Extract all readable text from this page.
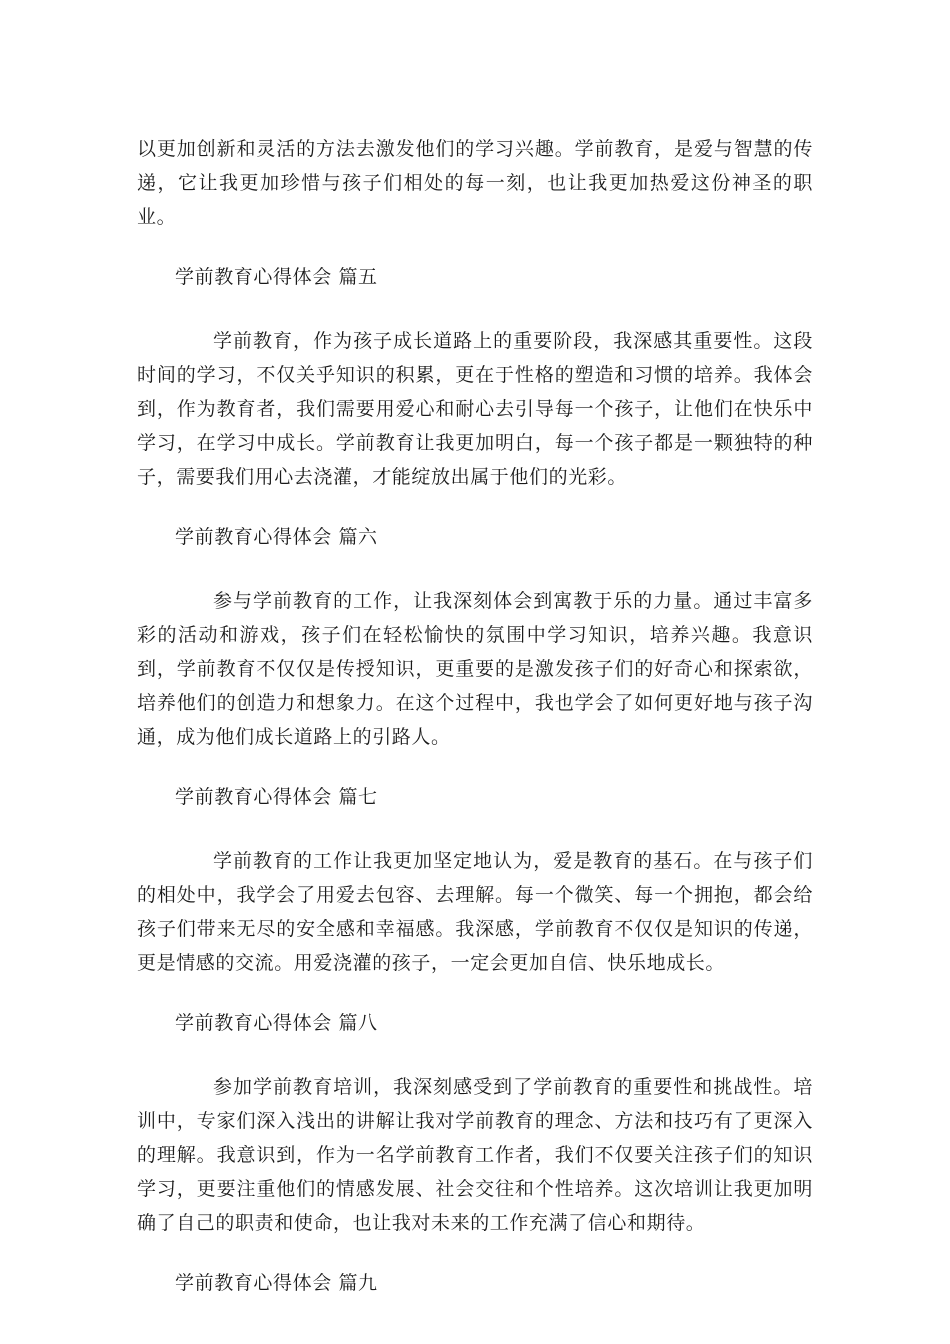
以更加创新和灵活的方法去激发他们的学习兴趣。学前教育，是爱与智慧的传递，它让我更加珍惜与孩子们相处的每一刻，也让我更加热爱这份神圣的职业。

学前教育心得体会 篇五

学前教育，作为孩子成长道路上的重要阶段，我深感其重要性。这段时间的学习，不仅关乎知识的积累，更在于性格的塑造和习惯的培养。我体会到，作为教育者，我们需要用爱心和耐心去引导每一个孩子，让他们在快乐中学习，在学习中成长。学前教育让我更加明白，每一个孩子都是一颗独特的种子，需要我们用心去浇灌，才能绽放出属于他们的光彩。

学前教育心得体会 篇六

参与学前教育的工作，让我深刻体会到寓教于乐的力量。通过丰富多彩的活动和游戏，孩子们在轻松愉快的氛围中学习知识，培养兴趣。我意识到，学前教育不仅仅是传授知识，更重要的是激发孩子们的好奇心和探索欲，培养他们的创造力和想象力。在这个过程中，我也学会了如何更好地与孩子沟通，成为他们成长道路上的引路人。

学前教育心得体会 篇七

学前教育的工作让我更加坚定地认为，爱是教育的基石。在与孩子们的相处中，我学会了用爱去包容、去理解。每一个微笑、每一个拥抱，都会给孩子们带来无尽的安全感和幸福感。我深感，学前教育不仅仅是知识的传递，更是情感的交流。用爱浇灌的孩子，一定会更加自信、快乐地成长。

学前教育心得体会 篇八

参加学前教育培训，我深刻感受到了学前教育的重要性和挑战性。培训中，专家们深入浅出的讲解让我对学前教育的理念、方法和技巧有了更深入的理解。我意识到，作为一名学前教育工作者，我们不仅要关注孩子们的知识学习，更要注重他们的情感发展、社会交往和个性培养。这次培训让我更加明确了自己的职责和使命，也让我对未来的工作充满了信心和期待。

学前教育心得体会 篇九
